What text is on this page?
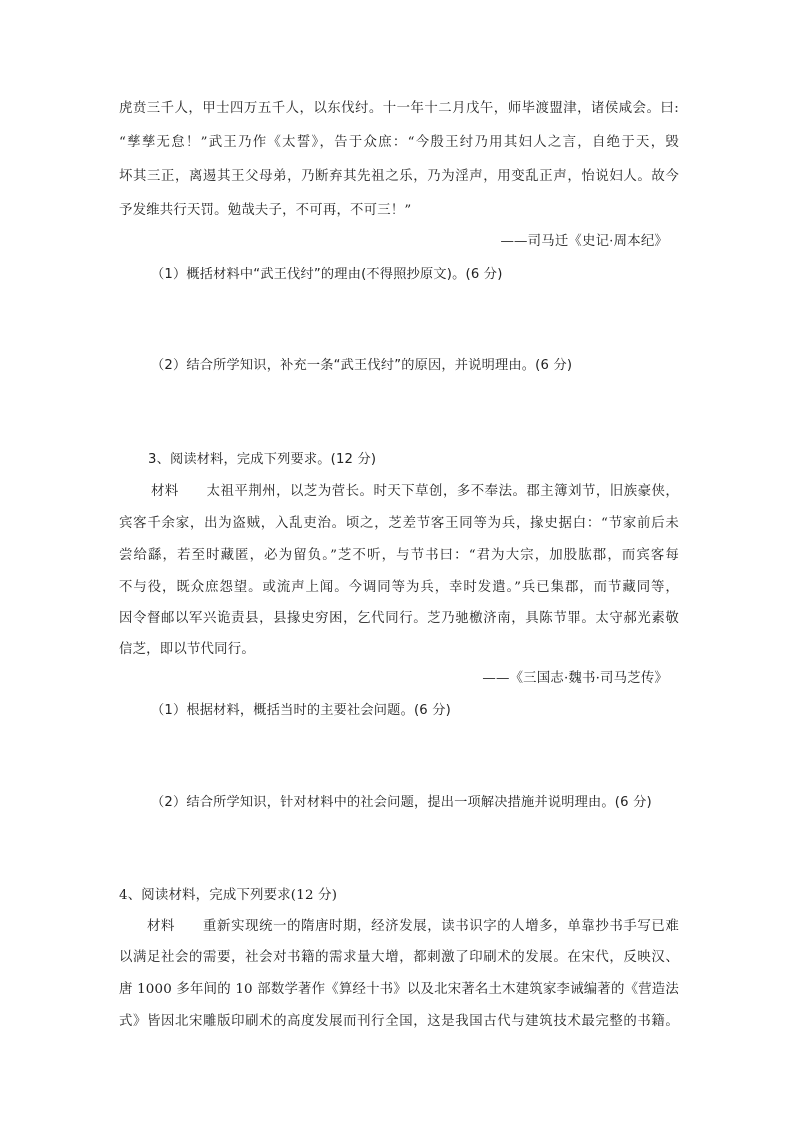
虎贲三千人，甲士四万五千人，以东伐纣。十一年十二月戊午，师毕渡盟津，诸侯咸会。曰:
“孳孳无怠！”武王乃作《太誓》，告于众庶：“今殷王纣乃用其妇人之言，自绝于天，毁
坏其三正，离逷其王父母弟，乃断弃其先祖之乐，乃为淫声，用变乱正声，怡说妇人。故今
予发维共行天罚。勉哉夫子，不可再，不可三！”
——司马迁《史记·周本纪》
（1）概括材料中“武王伐纣”的理由(不得照抄原文)。(6 分)
（2）结合所学知识，补充一条“武王伐纣”的原因，并说明理由。(6 分)
3、阅读材料，完成下列要求。(12 分)
材料　　太祖平荆州，以芝为菅长。时天下草创，多不奉法。郡主簿刘节，旧族豪侠，
宾客千余家，出为盗贼，入乱吏治。顷之，芝差节客王同等为兵，掾史据白：“节家前后未
尝给繇，若至时藏匿，必为留负。”芝不听，与节书曰：“君为大宗，加股肱郡，而宾客每
不与役，既众庶怨望。或流声上闻。今调同等为兵，幸时发遣。”兵已集郡，而节藏同等，
因令督邮以军兴诡责县，县掾史穷困，乞代同行。芝乃驰檄济南，具陈节罪。太守郝光素敬
信芝，即以节代同行。
——《三国志·魏书·司马芝传》
（1）根据材料，概括当时的主要社会问题。(6 分)
（2）结合所学知识，针对材料中的社会问题，提出一项解决措施并说明理由。(6 分)
4、阅读材料，完成下列要求(12 分)
材料　　重新实现统一的隋唐时期，经济发展，读书识字的人增多，单靠抄书手写已难
以满足社会的需要，社会对书籍的需求量大增，都刺激了印刷术的发展。在宋代，反映汉、
唐 1000 多年间的 10 部数学著作《算经十书》以及北宋著名土木建筑家李诫编著的《营造法
式》皆因北宋雕版印刷术的高度发展而刊行全国，这是我国古代与建筑技术最完整的书籍。
